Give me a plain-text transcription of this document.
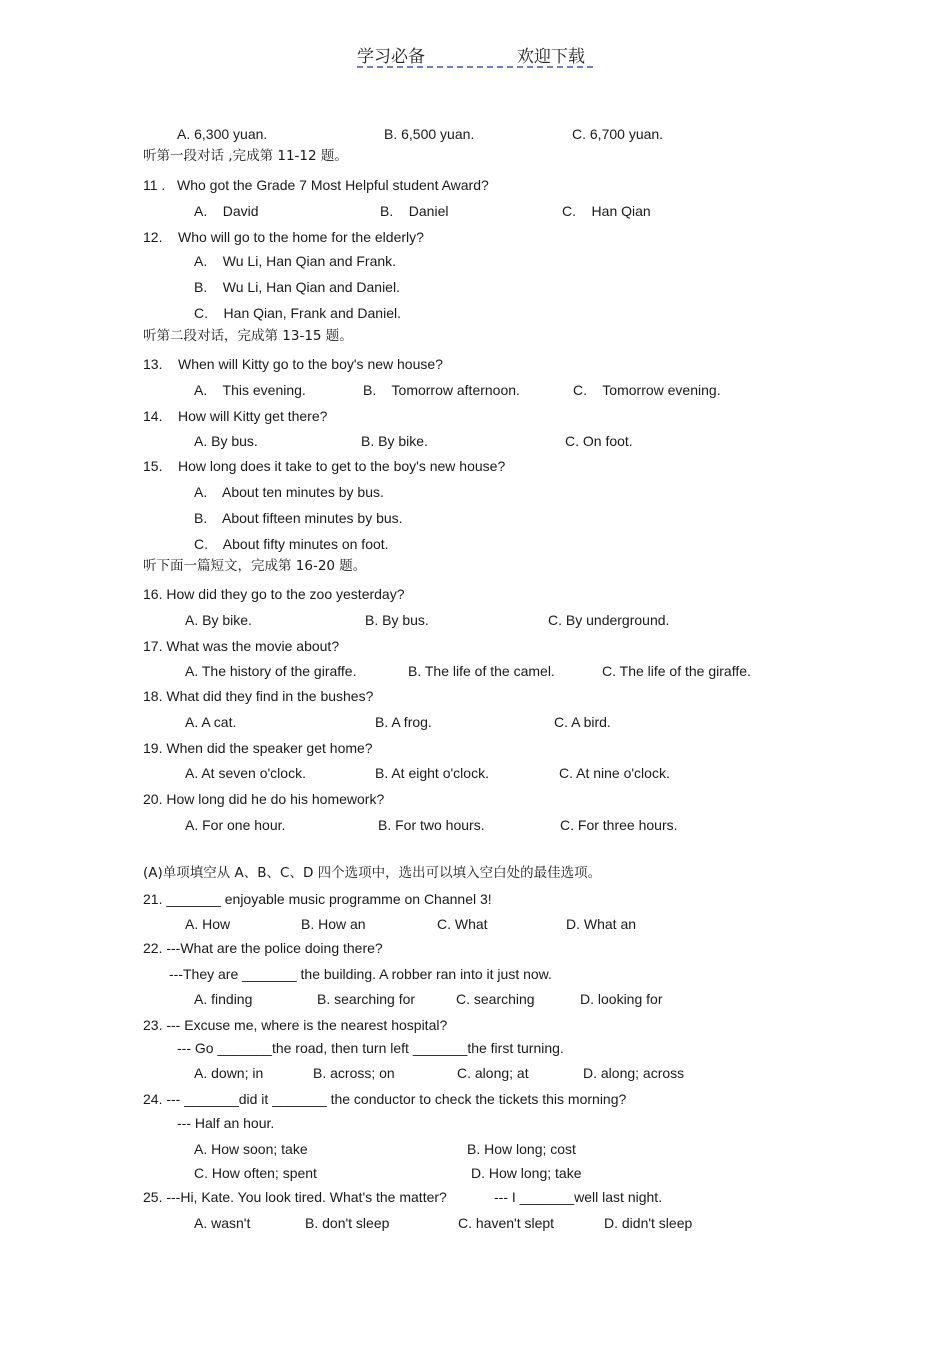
学习必备	欢迎下载
A. 6,300 yuan.	B. 6,500 yuan.	C. 6,700 yuan.
听第一段对话 ,完成第 11-12 题。
11 .   Who got the Grade 7 Most Helpful student Award?
A.    David	B.    Daniel	C.    Han Qian
12.    Who will go to the home for the elderly?
A.    Wu Li, Han Qian and Frank.
B.    Wu Li, Han Qian and Daniel.
C.    Han Qian, Frank and Daniel.
听第二段对话，完成第 13-15 题。
13.    When will Kitty go to the boy's new house?
A.    This evening.	B.    Tomorrow afternoon.	C.    Tomorrow evening.
14.    How will Kitty get there?
A. By bus.	B. By bike.	C. On foot.
15.    How long does it take to get to the boy's new house?
A.    About ten minutes by bus.
B.    About fifteen minutes by bus.
C.    About fifty minutes on foot.
听下面一篇短文，完成第 16-20 题。
16. How did they go to the zoo yesterday?
A. By bike.	B. By bus.	C. By underground.
17. What was the movie about?
A. The history of the giraffe.	B. The life of the camel.	C. The life of the giraffe.
18. What did they find in the bushes?
A. A cat.	B. A frog.	C. A bird.
19. When did the speaker get home?
A. At seven o'clock.	B. At eight o'clock.	C. At nine o'clock.
20. How long did he do his homework?
A. For one hour.	B. For two hours.	C. For three hours.
(A)单项填空从 A、B、C、D 四个选项中，选出可以填入空白处的最佳选项。
21. _______ enjoyable music programme on Channel 3!
A. How	B. How an	C. What	D. What an
22. ---What are the police doing there?
---They are _______ the building. A robber ran into it just now.
A. finding	B. searching for	C. searching	D. looking for
23. --- Excuse me, where is the nearest hospital?
--- Go _______the road, then turn left _______the first turning.
A. down; in	B. across; on	C. along; at	D. along; across
24. --- _______did it _______ the conductor to check the tickets this morning?
--- Half an hour.
A. How soon; take	B. How long; cost
C. How often; spent	D. How long; take
25. ---Hi, Kate. You look tired. What's the matter?	--- I _______well last night.
A. wasn't	B. don't sleep	C. haven't slept	D. didn't sleep
